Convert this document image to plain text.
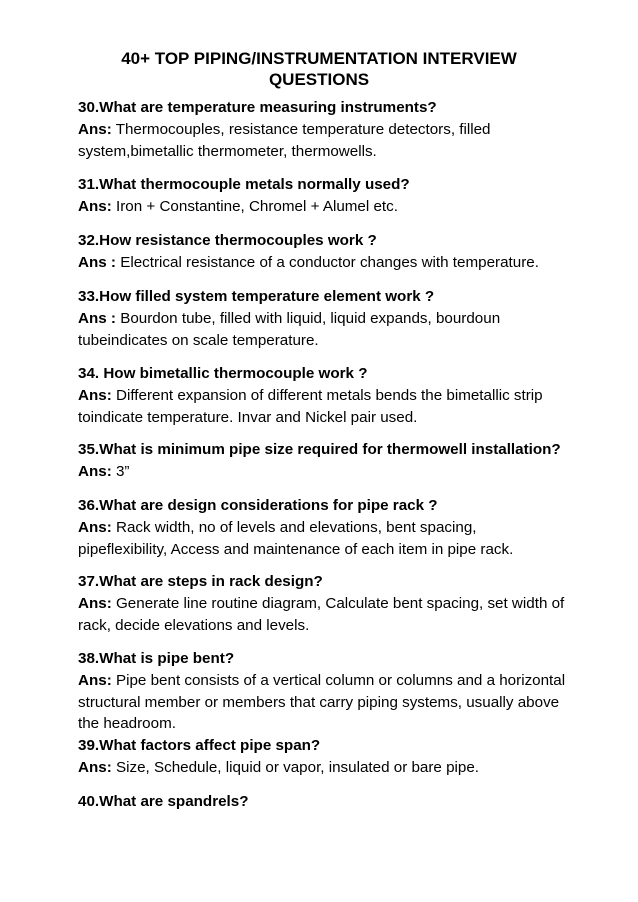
40+ TOP PIPING/INSTRUMENTATION INTERVIEW
QUESTIONS
30.What are temperature measuring instruments?
Ans: Thermocouples, resistance temperature detectors, filled
system,bimetallic thermometer, thermowells.
31.What thermocouple metals normally used?
Ans: Iron + Constantine, Chromel + Alumel etc.
32.How resistance thermocouples work ?
Ans : Electrical resistance of a conductor changes with temperature.
33.How filled system temperature element work ?
Ans : Bourdon tube, filled with liquid, liquid expands, bourdoun
tubeindicates on scale temperature.
34. How bimetallic thermocouple work ?
Ans: Different expansion of different metals bends the bimetallic strip
toindicate temperature. Invar and Nickel pair used.
35.What is minimum pipe size required for thermowell installation?
Ans: 3”
36.What are design considerations for pipe rack ?
Ans: Rack width, no of levels and elevations, bent spacing,
pipeflexibility, Access and maintenance of each item in pipe rack.
37.What are steps in rack design?
Ans: Generate line routine diagram, Calculate bent spacing, set width of
rack, decide elevations and levels.
38.What is pipe bent?
Ans: Pipe bent consists of a vertical column or columns and a horizontal
structural member or members that carry piping systems, usually above
the headroom.
39.What factors affect pipe span?
Ans: Size, Schedule, liquid or vapor, insulated or bare pipe.
40.What are spandrels?
